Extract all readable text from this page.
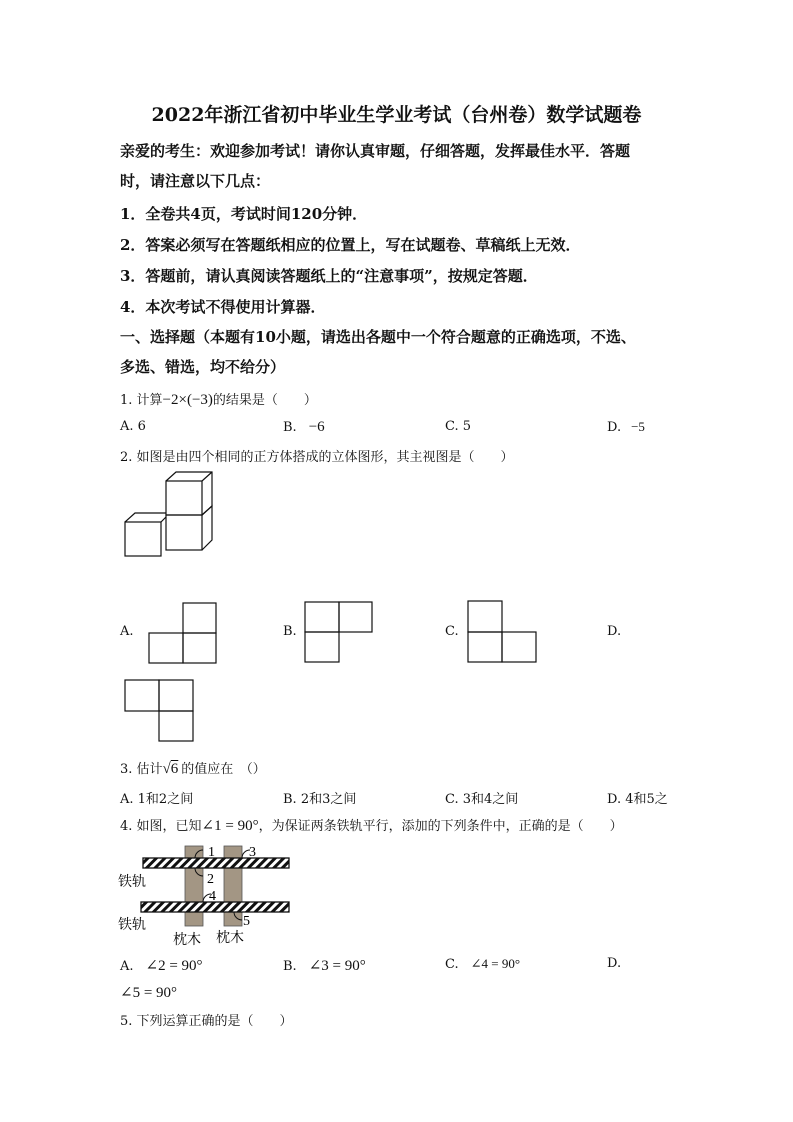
2022年浙江省初中毕业生学业考试（台州卷）数学试题卷
亲爱的考生：欢迎参加考试！请你认真审题，仔细答题，发挥最佳水平．答题
时，请注意以下几点：
1．全卷共4页，考试时间120分钟．
2．答案必须写在答题纸相应的位置上，写在试题卷、草稿纸上无效．
3．答题前，请认真阅读答题纸上的“注意事项”，按规定答题．
4．本次考试不得使用计算器．
一、选择题（本题有10小题，请选出各题中一个符合题意的正确选项，不选、
多选、错选，均不给分）
1. 计算−2×(−3)的结果是（　　）
A. 6	B. −6	C. 5	D. −5
2. 如图是由四个相同的正方体搭成的立体图形，其主视图是（　　）
A.	B.	C.	D.
3. 估计√6 的值应在　（）
A. 1和2之间	B. 2和3之间	C. 3和4之间	D. 4和5之
4. 如图，已知∠1 = 90°，为保证两条铁轨平行，添加的下列条件中，正确的是（　　）
1
2
3
4
5
铁轨
铁轨
枕木 枕木
A. ∠2 = 90°	B. ∠3 = 90°	C. ∠4 = 90°	D.
∠5 = 90°
5. 下列运算正确的是（　　）
